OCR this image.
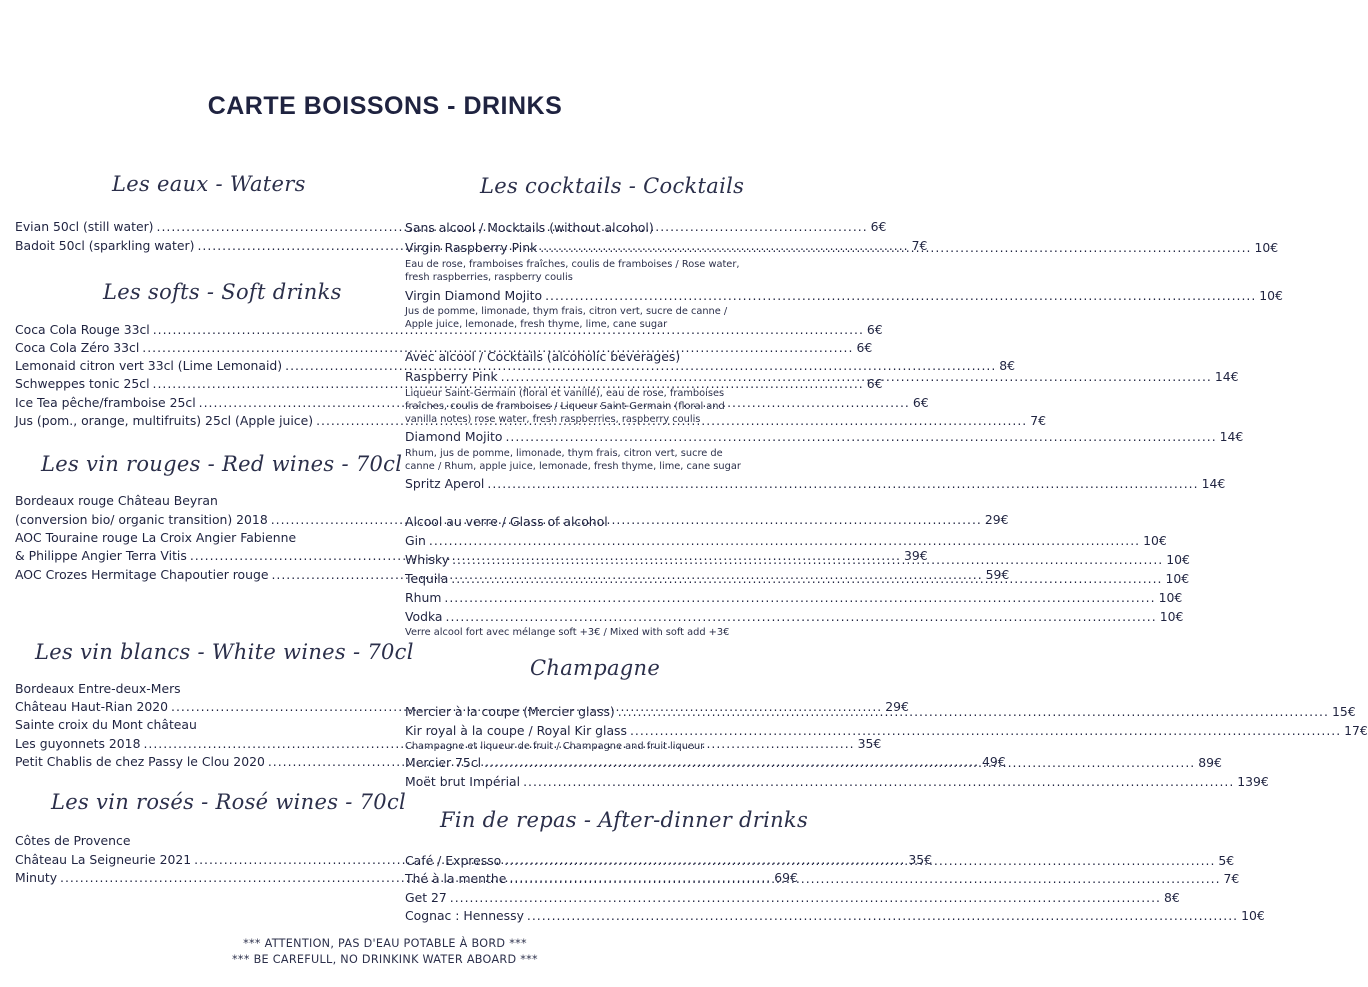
CARTE BOISSONS - DRINKS
Les eaux - Waters
Evian 50cl (still water) .....	6€
Badoit 50cl (sparkling water) .....	7€
Les softs - Soft drinks
Coca Cola Rouge 33cl .....	6€
Coca Cola Zéro 33cl .....	6€
Lemonaid citron vert 33cl (Lime Lemonaid) .....	8€
Schweppes tonic 25cl .....	6€
Ice Tea pêche/framboise 25cl .....	6€
Jus (pom., orange, multifruits) 25cl (Apple juice) .....	7€
Les vin rouges - Red wines - 70cl
Bordeaux rouge Château Beyran
(conversion bio/ organic transition) 2018 .....	29€
AOC Touraine rouge La Croix Angier Fabienne
& Philippe Angier Terra Vitis .....	39€
AOC Crozes Hermitage Chapoutier rouge .....	59€
Les vin blancs - White wines - 70cl
Bordeaux Entre-deux-Mers
Château Haut-Rian 2020 .....	29€
Sainte croix du Mont château
Les guyonnets 2018 .....	35€
Petit Chablis de chez Passy le Clou 2020 .....	49€
Les vin rosés - Rosé wines - 70cl
Côtes de Provence
Château La Seigneurie 2021 .....	35€
Minuty .....	69€
Les cocktails - Cocktails
Sans alcool / Mocktails (without alcohol)
Virgin Raspberry Pink .....	10€
Eau de rose, framboises fraîches, coulis de framboises / Rose water, fresh raspberries, raspberry coulis
Virgin Diamond Mojito .....	10€
Jus de pomme, limonade, thym frais, citron vert, sucre de canne / Apple juice, lemonade, fresh thyme, lime, cane sugar
Avec alcool / Cocktails (alcoholic beverages)
Raspberry Pink .....	14€
Liqueur Saint-Germain (floral et vanillé), eau de rose, framboises fraîches, coulis de framboises / Liqueur Saint-Germain (floral and vanilla notes) rose water, fresh raspberries, raspberry coulis
Diamond Mojito .....	14€
Rhum, jus de pomme, limonade, thym frais, citron vert, sucre de canne / Rhum, apple juice, lemonade, fresh thyme, lime, cane sugar
Spritz Aperol .....	14€
Alcool au verre / Glass of alcohol
Gin .....	10€
Whisky .....	10€
Tequila .....	10€
Rhum .....	10€
Vodka .....	10€
Verre alcool fort avec mélange soft +3€ / Mixed with soft add +3€
Champagne
Mercier à la coupe (Mercier glass) .....	15€
Kir royal à la coupe / Royal Kir glass .....	17€
Champagne et liqueur de fruit / Champagne and fruit liqueur
Mercier 75cl .....	89€
Moët brut Impérial .....	139€
Fin de repas - After-dinner drinks
Café / Expresso .....	5€
Thé à la menthe .....	7€
Get 27 .....	8€
Cognac : Hennessy .....	10€
*** ATTENTION, PAS D'EAU POTABLE À BORD ***
*** BE CAREFULL, NO DRINKINK WATER ABOARD ***
